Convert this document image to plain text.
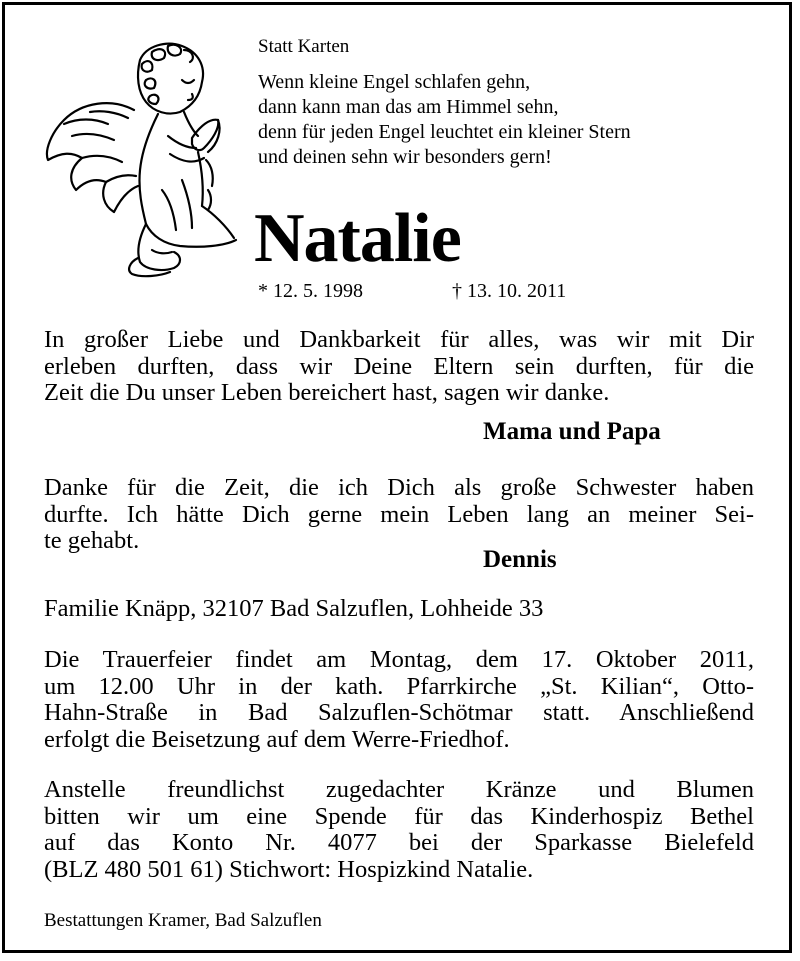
Statt Karten
Wenn kleine Engel schlafen gehn,
dann kann man das am Himmel sehn,
denn für jeden Engel leuchtet ein kleiner Stern
und deinen sehn wir besonders gern!
Natalie
* 12. 5. 1998	† 13. 10. 2011
In großer Liebe und Dankbarkeit für alles, was wir mit Dir
erleben durften, dass wir Deine Eltern sein durften, für die
Zeit die Du unser Leben bereichert hast, sagen wir danke.
Mama und Papa
Danke für die Zeit, die ich Dich als große Schwester haben
durfte. Ich hätte Dich gerne mein Leben lang an meiner Sei-
te gehabt.
Dennis
Familie Knäpp, 32107 Bad Salzuflen, Lohheide 33
Die Trauerfeier findet am Montag, dem 17. Oktober 2011,
um 12.00 Uhr in der kath. Pfarrkirche „St. Kilian“, Otto-
Hahn-Straße in Bad Salzuflen-Schötmar statt. Anschließend
erfolgt die Beisetzung auf dem Werre-Friedhof.
Anstelle freundlichst zugedachter Kränze und Blumen
bitten wir um eine Spende für das Kinderhospiz Bethel
auf das Konto Nr. 4077 bei der Sparkasse Bielefeld
(BLZ 480 501 61) Stichwort: Hospizkind Natalie.
Bestattungen Kramer, Bad Salzuflen
